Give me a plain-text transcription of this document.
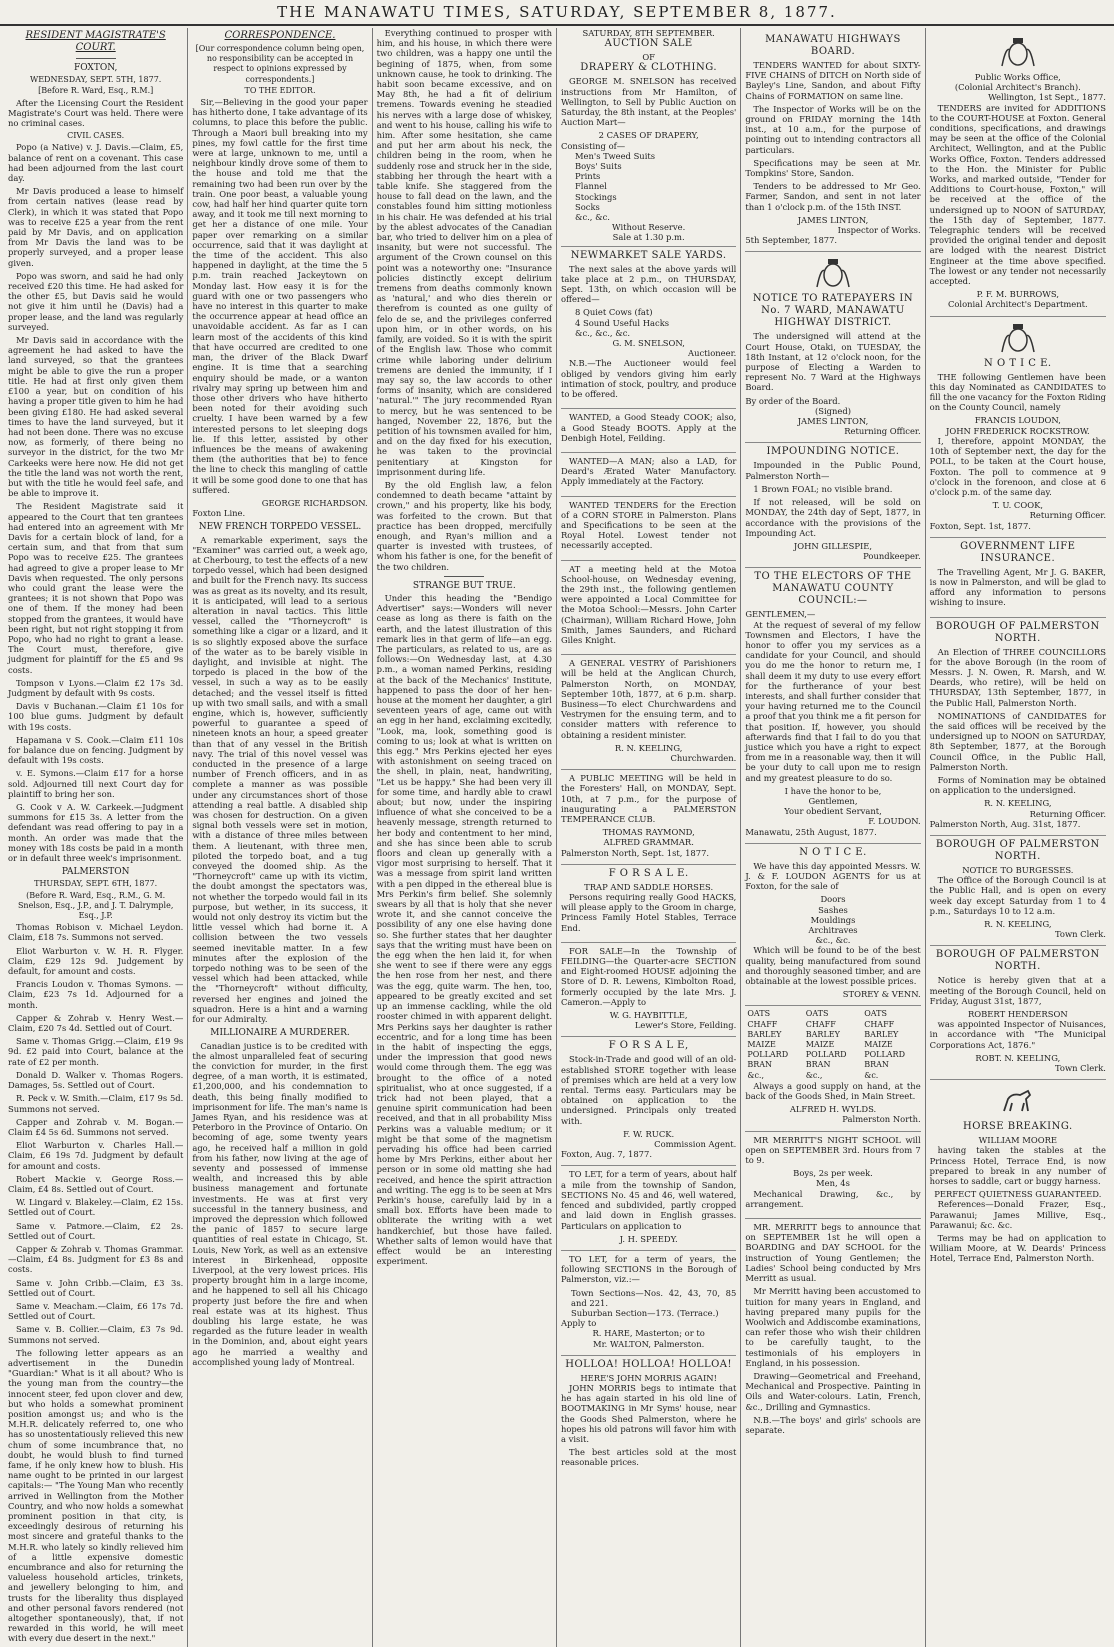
THE MANAWATU TIMES, SATURDAY, SEPTEMBER 8, 1877.
RESIDENT MAGISTRATE'S COURT.
FOXTON,
WEDNESDAY, SEPT. 5TH, 1877.
[Before R. Ward, Esq., R.M.]

After the Licensing Court the Resident Magistrate's Court was held. There were no criminal cases.

CIVIL CASES.

Popo (a Native) v. J. Davis.—Claim, £5, balance of rent on a covenant. This case had been adjourned from the last court day.

Mr Davis produced a lease to himself from certain natives (lease read by Clerk), in which it was stated that Popo was to receive £25 a year from the rent paid by Mr Davis, and on application from Mr Davis the land was to be properly surveyed, and a proper lease given.

Popo was sworn, and said he had only received £20 this time. He had asked for the other £5, but Davis said he would not give it him until he (Davis) had a proper lease, and the land was regularly surveyed.

Mr Davis said in accordance with the agreement he had asked to have the land surveyed, so that the grantees might be able to give the run a proper title. He had at first only given them £100 a year, but on condition of his having a proper title given to him he had been giving £180. He had asked several times to have the land surveyed, but it had not been done. There was no excuse now, as formerly, of there being no surveyor in the district, for the two Mr Carkeeks were here now. He did not get the title the land was not worth the rent, but with the title he would feel safe, and be able to improve it.

The Resident Magistrate said it appeared to the Court that ten grantees had entered into an agreement with Mr Davis for a certain block of land, for a certain sum, and that from that sum Popo was to receive £25. The grantees had agreed to give a proper lease to Mr Davis when requested. The only persons who could grant the lease were the grantees; it is not shown that Popo was one of them. If the money had been stopped from the grantees, it would have been right, but not right stopping it from Popo, who had no right to grant a lease. The Court must, therefore, give judgment for plaintiff for the £5 and 9s costs.

Tompson v Lyons.—Claim £2 17s 3d. Judgment by default with 9s costs.

Davis v Buchanan.—Claim £1 10s for 100 blue gums. Judgment by default with 19s costs.

Hapamana v S. Cook.—Claim £11 10s for balance due on fencing. Judgment by default with 19s costs.

v. E. Symons.—Claim £17 for a horse sold. Adjourned till next Court day for plaintiff to bring her son.

G. Cook v A. W. Carkeek.—Judgment summons for £15 3s. A letter from the defendant was read offering to pay in a month. An order was made that the money with 18s costs be paid in a month or in default three week's imprisonment.

PALMERSTON
THURSDAY, SEPT. 6TH, 1877.
(Before R. Ward, Esq., R.M., G. M. Snelson, Esq., J.P., and J. T. Dalrymple, Esq., J.P.

Thomas Robison v. Michael Leydon. Claim, £18 7s. Summons not served.

Eliot Warburton v. W. H. R. Flyger. Claim, £29 12s 9d. Judgement by default, for amount and costs.

Francis Loudon v. Thomas Symons. —Claim, £23 7s 1d. Adjourned for a month.

Capper & Zohrab v. Henry West.— Claim, £20 7s 4d. Settled out of Court.

Same v. Thomas Grigg.—Claim, £19 9s 9d. £2 paid into Court, balance at the rate of £2 per month.

Donald D. Walker v. Thomas Rogers. Damages, 5s. Settled out of Court.

R. Peck v. W. Smith.—Claim, £17 9s 5d. Summons not served.

Capper and Zohrab v. M. Bogan.— Claim £4 5s 6d. Summons not served.

Eliot Warburton v. Charles Hall.— Claim, £6 19s 7d. Judgment by default for amount and costs.

Robert Mackie v. George Ross.— Claim, £4 8s. Settled out of Court.

W. Lingard v. Blakeley.—Claim, £2 15s. Settled out of Court.

Same v. Patmore.—Claim, £2 2s. Settled out of Court.

Capper & Zohrab v. Thomas Grammar.—Claim, £4 8s. Judgment for £3 8s and costs.

Same v. John Cribb.—Claim, £3 3s. Settled out of Court.

Same v. Meacham.—Claim, £6 17s 7d. Settled out of Court.

Same v. B. Collier.—Claim, £3 7s 9d. Summons not served.

The following letter appears as an advertisement in the Dunedin "Guardian:" What is it all about? Who is the young man from the country—the innocent steer, fed upon clover and dew, but who holds a somewhat prominent position amongst us; and who is the M.H.R. delicately referred to, one who has so unostentatiously relieved this new chum of some incumbrance that, no doubt, he would blush to find turned fame, if he only knew how to blush. His name ought to be printed in our largest capitals:— "The Young Man who recently arrived in Wellington from the Mother Country, and who now holds a somewhat prominent position in that city, is exceedingly desirous of returning his most sincere and grateful thanks to the M.H.R. who lately so kindly relieved him of a little expensive domestic encumbrance and also for returning the valueless household articles, trinkets, and jewellery belonging to him, and trusts for the liberality thus displayed and other personal favors rendered (not altogether spontaneously), that, if not rewarded in this world, he will meet with every due desert in the next."

CORRESPONDENCE.
[Our correspondence column being open, no responsibility can be accepted in respect to opinions expressed by correspondents.]
TO THE EDITOR.

Sir,—Believing in the good your paper has hitherto done, I take advantage of its columns, to place this before the public. Through a Maori bull breaking into my pines, my fowl cattle for the first time were at large, unknown to me, until a neighbour kindly drove some of them to the house and told me that the remaining two had been run over by the train. One poor beast, a valuable young cow, had half her hind quarter quite torn away, and it took me till next morning to get her a distance of one mile. Your paper over remarking on a similar occurrence, said that it was daylight at the time of the accident. This also happened in daylight, at the time the 5 p.m. train reached Jackeytown on Monday last. How easy it is for the guard with one or two passengers who have no interest in this quarter to make the occurrence appear at head office an unavoidable accident. As far as I can learn most of the accidents of this kind that have occurred are credited to one man, the driver of the Black Dwarf engine. It is time that a searching enquiry should be made, or a wanton rivalry may spring up between him and those other drivers who have hitherto been noted for their avoiding such cruelty. I have been warned by a few interested persons to let sleeping dogs lie. If this letter, assisted by other influences be the means of awakening them (the authorities that be) to fence the line to check this mangling of cattle it will be some good done to one that has suffered.

GEORGE RICHARDSON.
Foxton Line.
NEW FRENCH TORPEDO VESSEL.

A remarkable experiment, says the "Examiner" was carried out, a week ago, at Cherbourg, to test the effects of a new torpedo vessel, which had been designed and built for the French navy. Its success was as great as its novelty, and its result, it is anticipated, will lead to a serious alteration in naval tactics. This little vessel, called the "Thorneycroft" is something like a cigar or a lizard, and it is so slightly exposed above the surface of the water as to be barely visible in daylight, and invisible at night. The torpedo is placed in the bow of the vessel, in such a way as to be easily detached; and the vessel itself is fitted up with two small sails, and with a small engine, which is, however, sufficiently powerful to guarantee a speed of nineteen knots an hour, a speed greater than that of any vessel in the British navy. The trial of this novel vessel was conducted in the presence of a large number of French officers, and in as complete a manner as was possible under any circumstances short of those attending a real battle. A disabled ship was chosen for destruction. On a given signal both vessels were set in motion, with a distance of three miles between them. A lieutenant, with three men, piloted the torpedo boat, and a tug conveyed the doomed ship. As the "Thorneycroft" came up with its victim, the doubt amongst the spectators was, not whether the torpedo would fail in its purpose, but wether, in its success, it would not only destroy its victim but the little vessel which had borne it. A collision between the two vessels seemed inevitable matter. In a few minutes after the explosion of the torpedo nothing was to be seen of the vessel which had been attacked, while the "Thorneycroft" without difficulty, reversed her engines and joined the squadron. Here is a hint and a warning for our Admiralty.

MILLIONAIRE A MURDERER.

Canadian justice is to be credited with the almost unparalleled feat of securing the conviction for murder, in the first degree, of a man worth, it is estimated, £1,200,000, and his condemnation to death, this being finally modified to imprisonment for life. The man's name is James Ryan, and his residence was at Peterboro in the Province of Ontario. On becoming of age, some twenty years ago, he received half a million in gold from his father, now living at the age of seventy and possessed of immense wealth, and increased this by able business management and fortunate investments. He was at first very successful in the tannery business, and improved the depression which followed the panic of 1857 to secure large quantities of real estate in Chicago, St. Louis, New York, as well as an extensive interest in Birkenhead, opposite Liverpool, at the very lowest prices. His property brought him in a large income, and he happened to sell all his Chicago property just before the fire and when real estate was at its highest. Thus doubling his large estate, he was regarded as the future leader in wealth in the Dominion, and, about eight years ago he married a wealthy and accomplished young lady of Montreal.

Everything continued to prosper with him, and his house, in which there were two children, was a happy one until the begining of 1875, when, from some unknown cause, he took to drinking. The habit soon became excessive, and on May 8th, he had a fit of delirium tremens. Towards evening he steadied his nerves with a large dose of whiskey, and went to his house, calling his wife to him. After some hesitation, she came and put her arm about his neck, the children being in the room, when he suddenly rose and struck her in the side, stabbing her through the heart with a table knife. She staggered from the house to fall dead on the lawn, and the constables found him sitting motionless in his chair. He was defended at his trial by the ablest advocates of the Canadian bar, who tried to deliver him on a plea of insanity, but were not successful. The argument of the Crown counsel on this point was a noteworthy one: "Insurance policies distinctly except delirium tremens from deaths commonly known as 'natural,' and who dies therein or therefrom is counted as one guilty of felo de se, and the privileges conferred upon him, or in other words, on his family, are voided. So it is with the spirit of the English law. Those who commit crime while laboring under delirium tremens are denied the immunity, if I may say so, the law accords to other forms of insanity, which are considered 'natural.'" The jury recommended Ryan to mercy, but he was sentenced to be hanged, November 22, 1876, but the petition of his townsmen availed for him, and on the day fixed for his execution, he was taken to the provincial penitentiary at Kingston for imprisonment during life.

By the old English law, a felon condemned to death became "attaint by crown," and his property, like his body, was forfeited to the crown. But that practice has been dropped, mercifully enough, and Ryan's million and a quarter is invested with trustees, of whom his father is one, for the benefit of the two children.

STRANGE BUT TRUE.

Under this heading the "Bendigo Advertiser" says:—Wonders will never cease as long as there is faith on the earth, and the latest illustration of this remark lies in that germ of life—an egg. The particulars, as related to us, are as follows:—On Wednesday last, at 4.30 p.m., a woman named Perkins, residing at the back of the Mechanics' Institute, happened to pass the door of her hen-house at the moment her daughter, a girl seventeen years of age, came out with an egg in her hand, exclaiming excitedly, "Look, ma, look, something good is coming to us; look at what is written on this egg." Mrs Perkins ejected her eyes with astonishment on seeing traced on the shell, in plain, neat, handwriting, "Let us be happy." She had been very ill for some time, and hardly able to crawl about; but now, under the inspiring influence of what she conceived to be a heavenly message, strength returned to her body and contentment to her mind, and she has since been able to scrub floors and clean up generally with a vigor most surprising to herself. That it was a message from spirit land written with a pen dipped in the ethereal blue is Mrs Perkin's firm belief. She solemnly swears by all that is holy that she never wrote it, and she cannot conceive the possibility of any one else having done so. She further states that her daughter says that the writing must have been on the egg when the hen laid it, for when she went to see if there were any eggs the hen rose from her nest, and there was the egg, quite warm. The hen, too, appeared to be greatly excited and set up an immense cackling, while the old rooster chimed in with apparent delight. Mrs Perkins says her daughter is rather eccentric, and for a long time has been in the habit of inspecting the eggs, under the impression that good news would come through them. The egg was brought to the office of a noted spiritualist, who at once suggested, if a trick had not been played, that a genuine spirit communication had been received, and that in all probability Miss Perkins was a valuable medium; or it might be that some of the magnetism pervading his office had been carried home by Mrs Perkins, either about her person or in some old matting she had received, and hence the spirit attraction and writing. The egg is to be seen at Mrs Perkin's house, carefully laid by in a small box. Efforts have been made to obliterate the writing with a wet handkerchief, but those have failed. Whether salts of lemon would have that effect would be an interesting experiment.

SATURDAY, 8TH SEPTEMBER.
AUCTION SALE
OF
DRAPERY & CLOTHING.

GEORGE M. SNELSON has received instructions from Mr Hamilton, of Wellington, to Sell by Public Auction on Saturday, the 8th instant, at the Peoples' Auction Mart—

2 CASES OF DRAPERY,
Consisting of—
Men's Tweed Suits
Boys' Suits
Prints
Flannel
Stockings
Socks
&c., &c.
Without Reserve.
Sale at 1.30 p.m.
NEWMARKET SALE YARDS.

The next sales at the above yards will take place at 2 p.m., on THURSDAY, Sept. 13th, on which occasion will be offered—

8 Quiet Cows (fat)
4 Sound Useful Hacks
&c., &c., &c.
G. M. SNELSON,
Auctioneer.

N.B.—The Auctioneer would feel obliged by vendors giving him early intimation of stock, poultry, and produce to be offered.

WANTED, a Good Steady COOK; also, a Good Steady BOOTS. Apply at the Denbigh Hotel, Feilding.

WANTED—A MAN; also a LAD, for Deard's Ærated Water Manufactory. Apply immediately at the Factory.

WANTED TENDERS for the Erection of a CORN STORE in Palmerston. Plans and Specifications to be seen at the Royal Hotel. Lowest tender not necessarily accepted.

AT a meeting held at the Motoa School-house, on Wednesday evening, the 29th inst., the following gentlemen were appointed a Local Committee for the Motoa School:—Messrs. John Carter (Chairman), William Richard Howe, John Smith, James Saunders, and Richard Giles Knight.

A GENERAL VESTRY of Parishioners will be held at the Anglican Church, Palmerston North, on MONDAY, September 10th, 1877, at 6 p.m. sharp. Business—To elect Churchwardens and Vestrymen for the ensuing term, and to consider matters with reference to obtaining a resident minister.

R. N. KEELING,
Churchwarden.

A PUBLIC MEETING will be held in the Foresters' Hall, on MONDAY, Sept. 10th, at 7 p.m., for the purpose of inaugurating a PALMERSTON TEMPERANCE CLUB.

THOMAS RAYMOND,
ALFRED GRAMMAR.
Palmerston North, Sept. 1st, 1877.
F O R S A L E.
TRAP AND SADDLE HORSES.

Persons requiring really Good HACKS, will please apply to the Groom in charge, Princess Family Hotel Stables, Terrace End.

FOR SALE—In the Township of FEILDING—the Quarter-acre SECTION and Eight-roomed HOUSE adjoining the Store of D. R. Lewens, Kimbolton Road, formerly occupied by the late Mrs. J. Cameron.—Apply to

W. G. HAYBITTLE,
Lewer's Store, Feilding.
F O R S A L E,

Stock-in-Trade and good will of an old-established STORE together with lease of premises which are held at a very low rental. Terms easy. Particulars may be obtained on application to the undersigned. Principals only treated with.

F. W. RUCK.
Commission Agent.
Foxton, Aug. 7, 1877.

TO LET, for a term of years, about half a mile from the township of Sandon, SECTIONS No. 45 and 46, well watered, fenced and subdivided, partly cropped and laid down in English grasses. Particulars on application to

J. H. SPEEDY.

TO LET, for a term of years, the following SECTIONS in the Borough of Palmerston, viz.:—

Town Sections—Nos. 42, 43, 70, 85 and 221.
Suburban Section—173. (Terrace.)
Apply to
R. HARE, Masterton; or to
Mr. WALTON, Palmerston.
HOLLOA! HOLLOA! HOLLOA!
HERE'S JOHN MORRIS AGAIN!

JOHN MORRIS begs to intimate that he has again started in his old line of BOOTMAKING in Mr Syms' house, near the Goods Shed Palmerston, where he hopes his old patrons will favor him with a visit.

The best articles sold at the most reasonable prices.

MANAWATU HIGHWAYS BOARD.

TENDERS WANTED for about SIXTY-FIVE CHAINS of DITCH on North side of Bayley's Line, Sandon, and about Fifty Chains of FORMATION on same line.

The Inspector of Works will be on the ground on FRIDAY morning the 14th inst., at 10 a.m., for the purpose of pointing out to intending contractors all particulars.

Specifications may be seen at Mr. Tompkins' Store, Sandon.

Tenders to be addressed to Mr Geo. Farmer, Sandon, and sent in not later than 1 o'clock p.m. of the 15th INST.

JAMES LINTON,
Inspector of Works.
5th September, 1877.
NOTICE TO RATEPAYERS IN No. 7 WARD, MANAWATU HIGHWAY DISTRICT.

The undersigned will attend at the Court House, Otaki, on TUESDAY, the 18th Instant, at 12 o'clock noon, for the purpose of Electing a Warden to represent No. 7 Ward at the Highways Board.

By order of the Board.
(Signed)
JAMES LINTON,
Returning Officer.
IMPOUNDING NOTICE.

Impounded in the Public Pound, Palmerston North—

1 Brown FOAL; no visible brand.

If not released, will be sold on MONDAY, the 24th day of Sept, 1877, in accordance with the provisions of the Impounding Act.

JOHN GILLESPIE,
Poundkeeper.
TO THE ELECTORS OF THE MANAWATU COUNTY COUNCIL:—
GENTLEMEN,—

At the request of several of my fellow Townsmen and Electors, I have the honor to offer you my services as a candidate for your Council, and should you do me the honor to return me, I shall deem it my duty to use every effort for the furtherance of your best interests, and shall further consider that your having returned me to the Council a proof that you think me a fit person for that position. If, however, you should afterwards find that I fail to do you that justice which you have a right to expect from me in a reasonable way, then it will be your duty to call upon me to resign and my greatest pleasure to do so.

I have the honor to be,
Gentlemen,
Your obedient Servant,
F. LOUDON.
Manawatu, 25th August, 1877.
N O T I C E.

We have this day appointed Messrs. W. J. & F. LOUDON AGENTS for us at Foxton, for the sale of

Doors
Sashes
Mouldings
Architraves
&c., &c.

Which will be found to be of the best quality, being manufactured from sound and thoroughly seasoned timber, and are obtainable at the lowest possible prices.

STOREY & VENN.
OATS	OATS	OATS
CHAFF	CHAFF	CHAFF
BARLEY	BARLEY	BARLEY
MAIZE	MAIZE	MAIZE
POLLARD	POLLARD	POLLARD
BRAN	BRAN	BRAN
&c.,	&c.,	&c.

Always a good supply on hand, at the back of the Goods Shed, in Main Street.

ALFRED H. WYLDS.
Palmerston North.

MR MERRITT'S NIGHT SCHOOL will open on SEPTEMBER 3rd. Hours from 7 to 9.

Boys, 2s per week.
Men, 4s

Mechanical Drawing, &c., by arrangement.

MR. MERRITT begs to announce that on SEPTEMBER 1st he will open a BOARDING and DAY SCHOOL for the instruction of Young Gentlemen; the Ladies' School being conducted by Mrs Merritt as usual.

Mr Merritt having been accustomed to tuition for many years in England, and having prepared many pupils for the Woolwich and Addiscombe examinations, can refer those who wish their children to be carefully taught, to the testimonials of his employers in England, in his possession.

Drawing—Geometrical and Freehand, Mechanical and Prospective. Painting in Oils and Water-colours. Latin, French, &c., Drilling and Gymnastics.

N.B.—The boys' and girls' schools are separate.

Public Works Office,
(Colonial Architect's Branch).
Wellington, 1st Sept., 1877.

TENDERS are invited for ADDITIONS to the COURT-HOUSE at Foxton. General conditions, specifications, and drawings may be seen at the office of the Colonial Architect, Wellington, and at the Public Works Office, Foxton. Tenders addressed to the Hon. the Minister for Public Works, and marked outside, "Tender for Additions to Court-house, Foxton," will be received at the office of the undersigned up to NOON of SATURDAY, the 15th day of September, 1877. Telegraphic tenders will be received provided the original tender and deposit are lodged with the nearest District Engineer at the time above specified. The lowest or any tender not necessarily accepted.

P. F. M. BURROWS,
Colonial Architect's Department.
N O T I C E.

THE following Gentlemen have been this day Nominated as CANDIDATES to fill the one vacancy for the Foxton Riding on the County Council, namely

FRANCIS LOUDON,
JOHN FREDERICK ROCKSTROW.

I, therefore, appoint MONDAY, the 10th of September next, the day for the POLL, to be taken at the Court house, Foxton. The poll to commence at 9 o'clock in the forenoon, and close at 6 o'clock p.m. of the same day.

T. U. COOK,
Returning Officer.
Foxton, Sept. 1st, 1877.
GOVERNMENT LIFE INSURANCE.

The Travelling Agent, Mr J. G. BAKER, is now in Palmerston, and will be glad to afford any information to persons wishing to insure.

BOROUGH OF PALMERSTON NORTH.

An Election of THREE COUNCILLORS for the above Borough (in the room of Messrs. J. N. Owen, R. Marsh, and W. Deards, who retire), will be held on THURSDAY, 13th September, 1877, in the Public Hall, Palmerston North.

NOMINATIONS of CANDIDATES for the said offices will be received by the undersigned up to NOON on SATURDAY, 8th September, 1877, at the Borough Council Office, in the Public Hall, Palmerston North.

Forms of Nomination may be obtained on application to the undersigned.

R. N. KEELING,
Returning Officer.
Palmerston North, Aug. 31st, 1877.
BOROUGH OF PALMERSTON NORTH.
NOTICE TO BURGESSES.

The Office of the Borough Council is at the Public Hall, and is open on every week day except Saturday from 1 to 4 p.m., Saturdays 10 to 12 a.m.

R. N. KEELING,
Town Clerk.
BOROUGH OF PALMERSTON NORTH.

Notice is hereby given that at a meeting of the Borough Council, held on Friday, August 31st, 1877,

ROBERT HENDERSON

was appointed Inspector of Nuisances, in accordance with "The Municipal Corporations Act, 1876."

ROBT. N. KEELING,
Town Clerk.
HORSE BREAKING.
WILLIAM MOORE

having taken the stables at the Princess Hotel, Terrace End, is now prepared to break in any number of horses to saddle, cart or buggy harness.

PERFECT QUIETNESS GUARANTEED.

References—Donald Frazer, Esq., Parawanui; James Millive, Esq., Parawanui; &c. &c.

Terms may be had on application to William Moore, at W. Deards' Princess Hotel, Terrace End, Palmerston North.
